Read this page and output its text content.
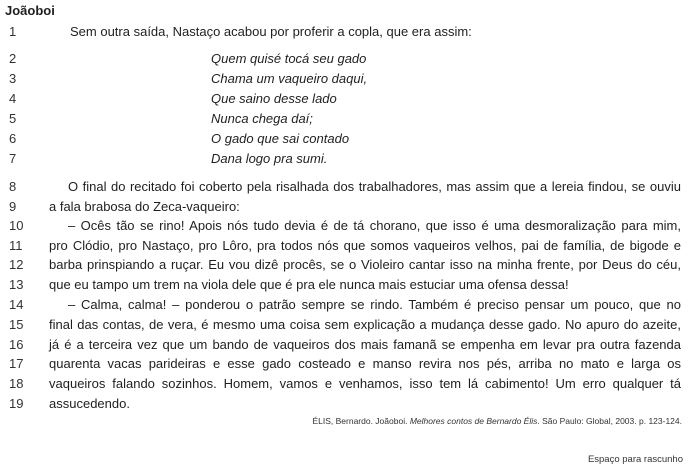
Joãoboi
1
2
3
4
5
6
7
8
9
10
11
12
13
14
15
16
17
18
19
Sem outra saída, Nastaço acabou por proferir a copla, que era assim:
Quem quisé tocá seu gado
Chama um vaqueiro daqui,
Que saino desse lado
Nunca chega daí;
O gado que sai contado
Dana logo pra sumi.
O final do recitado foi coberto pela risalhada dos trabalhadores, mas assim que a lereia findou, se ouviu
a fala brabosa do Zeca-vaqueiro:
– Ocês tão se rino! Apois nós tudo devia é de tá chorano, que isso é uma desmoralização para mim,
pro Clódio, pro Nastaço, pro Lôro, pra todos nós que somos vaqueiros velhos, pai de família, de bigode e
barba prinspiando a ruçar. Eu vou dizê procês, se o Violeiro cantar isso na minha frente, por Deus do céu,
que eu tampo um trem na viola dele que é pra ele nunca mais estuciar uma ofensa dessa!
– Calma, calma! – ponderou o patrão sempre se rindo. Também é preciso pensar um pouco, que no
final das contas, de vera, é mesmo uma coisa sem explicação a mudança desse gado. No apuro do azeite,
já é a terceira vez que um bando de vaqueiros dos mais famanã se empenha em levar pra outra fazenda
quarenta vacas parideiras e esse gado costeado e manso revira nos pés, arriba no mato e larga os
vaqueiros falando sozinhos. Homem, vamos e venhamos, isso tem lá cabimento! Um erro qualquer tá
assucedendo.
ÉLIS, Bernardo. Joãoboi. Melhores contos de Bernardo Élis. São Paulo: Global, 2003. p. 123-124.
Espaço para rascunho
